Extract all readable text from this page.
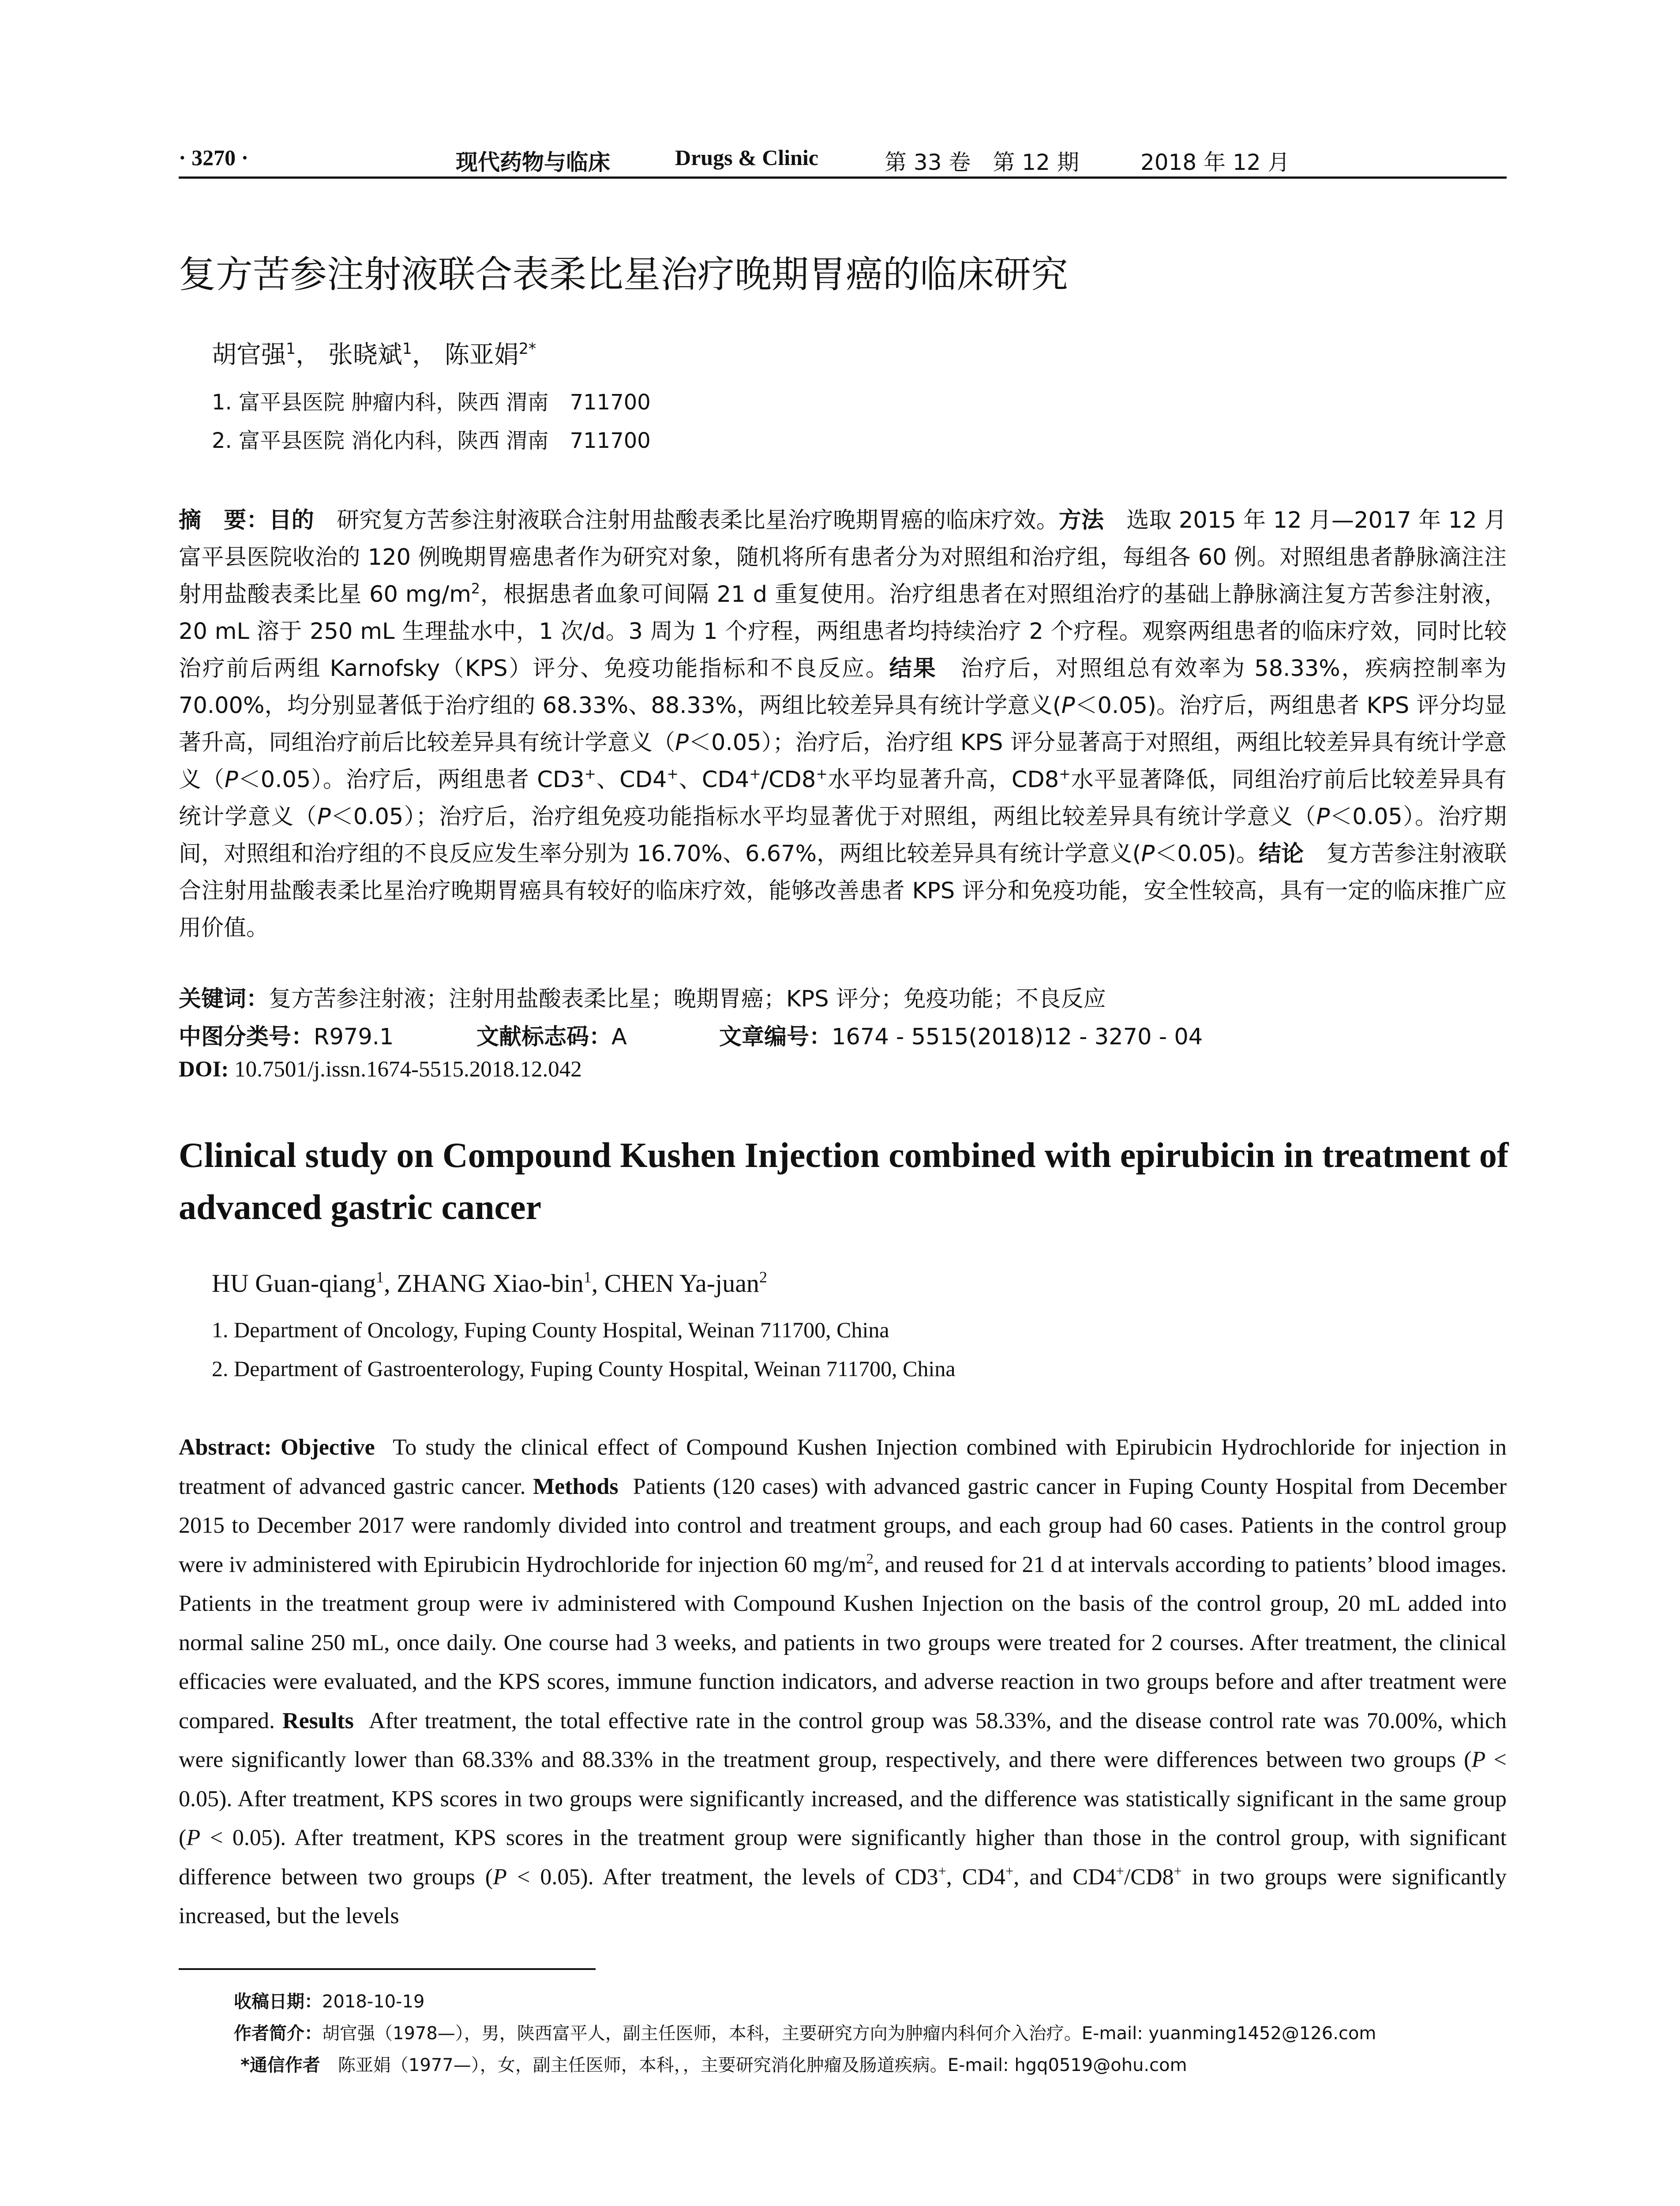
· 3270 ·	现代药物与临床	Drugs & Clinic	第 33 卷　第 12 期	2018 年 12 月
复方苦参注射液联合表柔比星治疗晚期胃癌的临床研究
胡官强$^1$， 张晓斌$^1$， 陈亚娟$^{2*}$
1. 富平县医院 肿瘤内科，陕西 渭南　711700
2. 富平县医院 消化内科，陕西 渭南　711700
摘　要：目的　 研究复方苦参注射液联合注射用盐酸表柔比星治疗晚期胃癌的临床疗效。方法　 选取 2015 年 12 月—2017 年 12 月富平县医院收治的 120 例晚期胃癌患者作为研究对象，随机将所有患者分为对照组和治疗组，每组各 60 例。对照组患者静脉滴注注射用盐酸表柔比星 60 $mg/m^2$，根据患者血象可间隔 21 d 重复使用。治疗组患者在对照组治疗的基础上静脉滴注复方苦参注射液，20 mL 溶于 250 mL 生理盐水中，1 次/d。3 周为 1 个疗程，两组患者均持续治疗 2 个疗程。观察两组患者的临床疗效，同时比较治疗前后两组 Karnofsky（KPS）评分、免疫功能指标和不良反应。结果　 治疗后，对照组总有效率为 58.33%，疾病控制率为 70.00%，均分别显著低于治疗组的 68.33%、88.33%，两组比较差异具有统计学意义(P＜0.05)。治疗后，两组患者 KPS 评分均显著升高，同组治疗前后比较差异具有统计学意义（P＜0.05）；治疗后，治疗组 KPS 评分显著高于对照组，两组比较差异具有统计学意义（P＜0.05）。治疗后，两组患者 CD3+、CD4+、CD4+/CD8+水平均显著升高，CD8+水平显著降低，同组治疗前后比较差异具有统计学意义（P＜0.05）；治疗后，治疗组免疫功能指标水平均显著优于对照组，两组比较差异具有统计学意义（P＜0.05）。治疗期间，对照组和治疗组的不良反应发生率分别为 16.70%、6.67%，两组比较差异具有统计学意义(P＜0.05)。结论　 复方苦参注射液联合注射用盐酸表柔比星治疗晚期胃癌具有较好的临床疗效，能够改善患者 KPS 评分和免疫功能，安全性较高，具有一定的临床推广应用价值。
关键词：复方苦参注射液；注射用盐酸表柔比星；晚期胃癌；KPS 评分；免疫功能；不良反应
中图分类号：R979.1	文献标志码：A	文章编号：1674 - 5515(2018)12 - 3270 - 04
DOI: 10.7501/j.issn.1674-5515.2018.12.042
Clinical study on Compound Kushen Injection combined with epirubicin in treatment of advanced gastric cancer
HU Guan-qiang$^1$, ZHANG Xiao-bin$^1$, CHEN Ya-juan$^2$
1. Department of Oncology, Fuping County Hospital, Weinan 711700, China
2. Department of Gastroenterology, Fuping County Hospital, Weinan 711700, China
Abstract: Objective To study the clinical effect of Compound Kushen Injection combined with Epirubicin Hydrochloride for injection in treatment of advanced gastric cancer. Methods Patients (120 cases) with advanced gastric cancer in Fuping County Hospital from December 2015 to December 2017 were randomly divided into control and treatment groups, and each group had 60 cases. Patients in the control group were iv administered with Epirubicin Hydrochloride for injection 60 $mg/m^2$, and reused for 21 d at intervals according to patients’ blood images. Patients in the treatment group were iv administered with Compound Kushen Injection on the basis of the control group, 20 mL added into normal saline 250 mL, once daily. One course had 3 weeks, and patients in two groups were treated for 2 courses. After treatment, the clinical efficacies were evaluated, and the KPS scores, immune function indicators, and adverse reaction in two groups before and after treatment were compared. Results After treatment, the total effective rate in the control group was 58.33%, and the disease control rate was 70.00%, which were significantly lower than 68.33% and 88.33% in the treatment group, respectively, and there were differences between two groups (P < 0.05). After treatment, KPS scores in two groups were significantly increased, and the difference was statistically significant in the same group (P < 0.05). After treatment, KPS scores in the treatment group were significantly higher than those in the control group, with significant difference between two groups (P < 0.05). After treatment, the levels of CD3+, CD4+, and CD4+/CD8+ in two groups were significantly increased, but the levels
收稿日期：2018-10-19
作者简介：胡官强（1978—），男，陕西富平人，副主任医师，本科，主要研究方向为肿瘤内科何介入治疗。E-mail: yuanming1452@126.com
*通信作者　 陈亚娟（1977—），女，副主任医师，本科，，主要研究消化肿瘤及肠道疾病。E-mail: hgq0519@ohu.com
